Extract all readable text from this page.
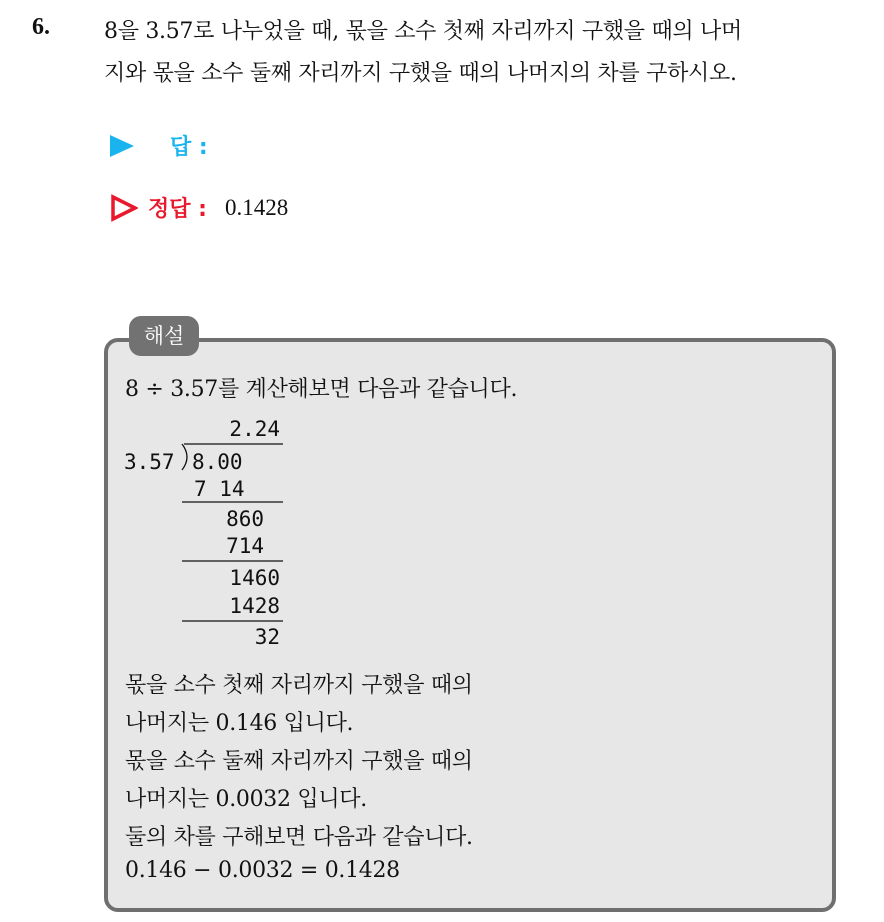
6. 8을 3.57로 나누었을 때, 몫을 소수 첫째 자리까지 구했을 때의 나머
지와 몫을 소수 둘째 자리까지 구했을 때의 나머지의 차를 구하시오.
답 :
정답 : 0.1428
해설
8 ÷ 3.57를 계산해보면 다음과 같습니다.
2.24
3.57 8.00
7 14
860
714
1460
1428
32
몫을 소수 첫째 자리까지 구했을 때의
나머지는 0.146 입니다.
몫을 소수 둘째 자리까지 구했을 때의
나머지는 0.0032 입니다.
둘의 차를 구해보면 다음과 같습니다.
0.146 − 0.0032 = 0.1428
